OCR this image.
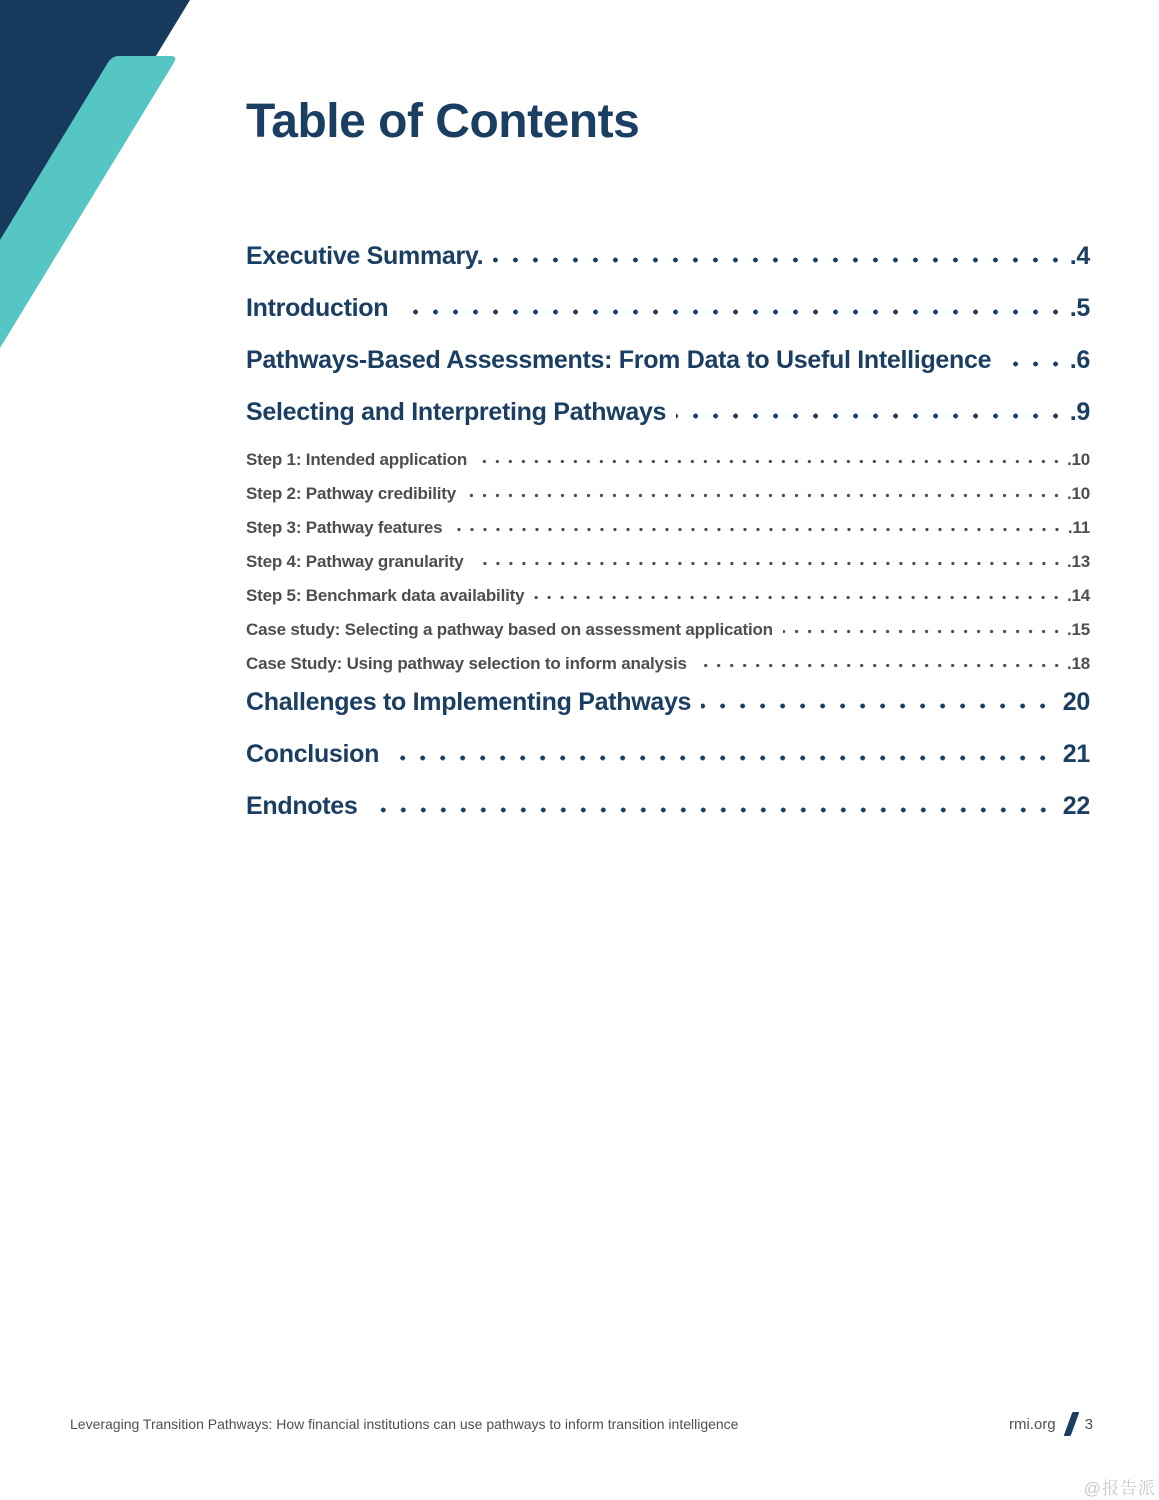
Table of Contents
Executive Summary.	.4
Introduction	.5
Pathways-Based Assessments: From Data to Useful Intelligence	.6
Selecting and Interpreting Pathways	.9
Step 1: Intended application	.10
Step 2: Pathway credibility	.10
Step 3: Pathway features	.11
Step 4: Pathway granularity	.13
Step 5: Benchmark data availability	.14
Case study: Selecting a pathway based on assessment application	.15
Case Study: Using pathway selection to inform analysis	.18
Challenges to Implementing Pathways	20
Conclusion	21
Endnotes	22
Leveraging Transition Pathways: How financial institutions can use pathways to inform transition intelligence	rmi.org 3
@报告派
